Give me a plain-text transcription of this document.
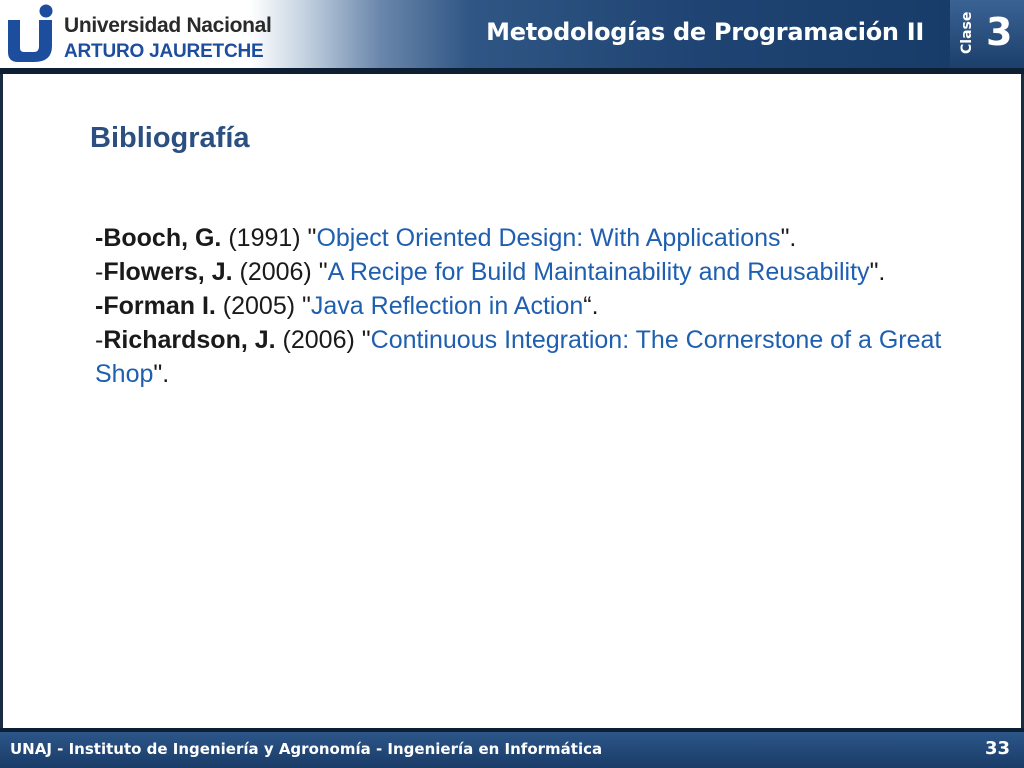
Universidad Nacional
ARTURO JAURETCHE
Metodologías de Programación II	Clase 3
Bibliografía
-Booch, G. (1991) "Object Oriented Design: With Applications".
-Flowers, J. (2006) "A Recipe for Build Maintainability and Reusability".
-Forman I. (2005) "Java Reflection in Action“.
-Richardson, J. (2006) "Continuous Integration: The Cornerstone of a Great Shop".
UNAJ - Instituto de Ingeniería y Agronomía - Ingeniería en Informática	33
